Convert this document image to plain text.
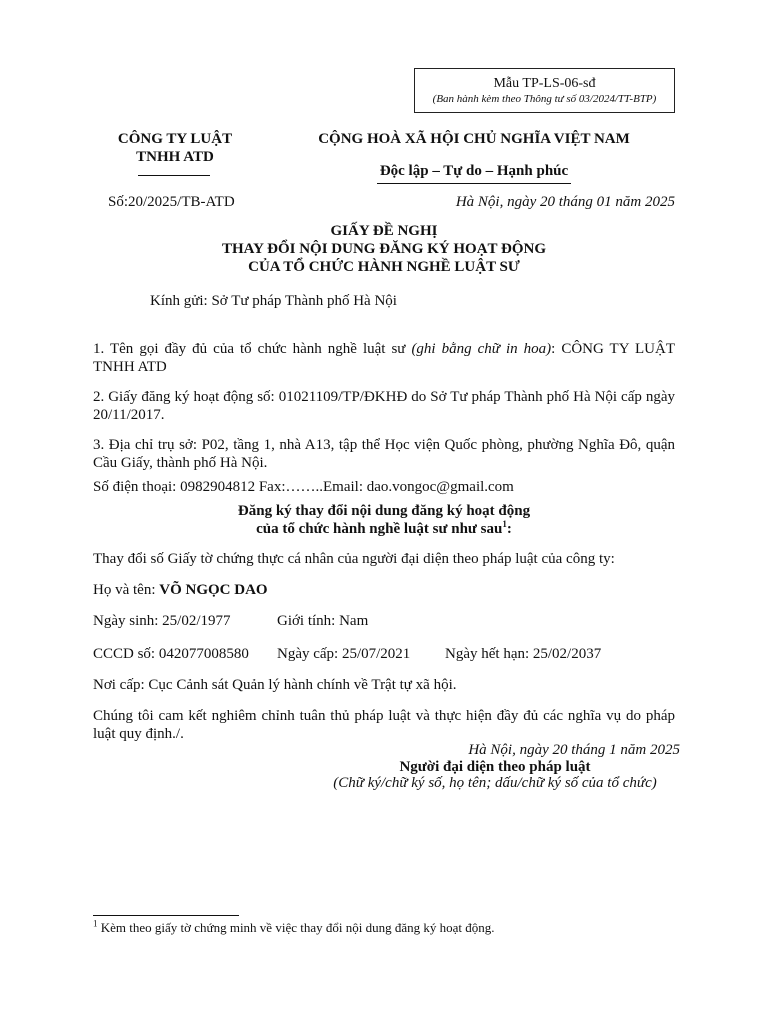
Mẫu TP-LS-06-sđ
(Ban hành kèm theo Thông tư số 03/2024/TT-BTP)
CÔNG TY LUẬT
TNHH ATD
CỘNG HOÀ XÃ HỘI CHỦ NGHĨA VIỆT NAM
Độc lập – Tự do – Hạnh phúc
Số:20/2025/TB-ATD	Hà Nội, ngày 20 tháng 01 năm 2025
GIẤY ĐỀ NGHỊ
THAY ĐỔI NỘI DUNG ĐĂNG KÝ HOẠT ĐỘNG
CỦA TỔ CHỨC HÀNH NGHỀ LUẬT SƯ
Kính gửi: Sở Tư pháp Thành phố Hà Nội
1. Tên gọi đầy đủ của tổ chức hành nghề luật sư (ghi bằng chữ in hoa): CÔNG TY LUẬT TNHH ATD
2. Giấy đăng ký hoạt động số: 01021109/TP/ĐKHĐ do Sở Tư pháp Thành phố Hà Nội cấp ngày 20/11/2017.
3. Địa chỉ trụ sở: P02, tầng 1, nhà A13, tập thể Học viện Quốc phòng, phường Nghĩa Đô, quận Cầu Giấy, thành phố Hà Nội.
Số điện thoại: 0982904812 Fax:……..Email: dao.vongoc@gmail.com
Đăng ký thay đổi nội dung đăng ký hoạt động
của tổ chức hành nghề luật sư như sau$^1$:
Thay đổi số Giấy tờ chứng thực cá nhân của người đại diện theo pháp luật của công ty:
Họ và tên: VÕ NGỌC DAO
Ngày sinh: 25/02/1977	Giới tính: Nam
CCCD số: 042077008580 Ngày cấp: 25/07/2021 Ngày hết hạn: 25/02/2037
Nơi cấp: Cục Cảnh sát Quản lý hành chính về Trật tự xã hội.
Chúng tôi cam kết nghiêm chỉnh tuân thủ pháp luật và thực hiện đầy đủ các nghĩa vụ do pháp luật quy định./.
Hà Nội, ngày 20 tháng 1 năm 2025
Người đại diện theo pháp luật
(Chữ ký/chữ ký số, họ tên; dấu/chữ ký số của tổ chức)
$^1$ Kèm theo giấy tờ chứng minh về việc thay đổi nội dung đăng ký hoạt động.
